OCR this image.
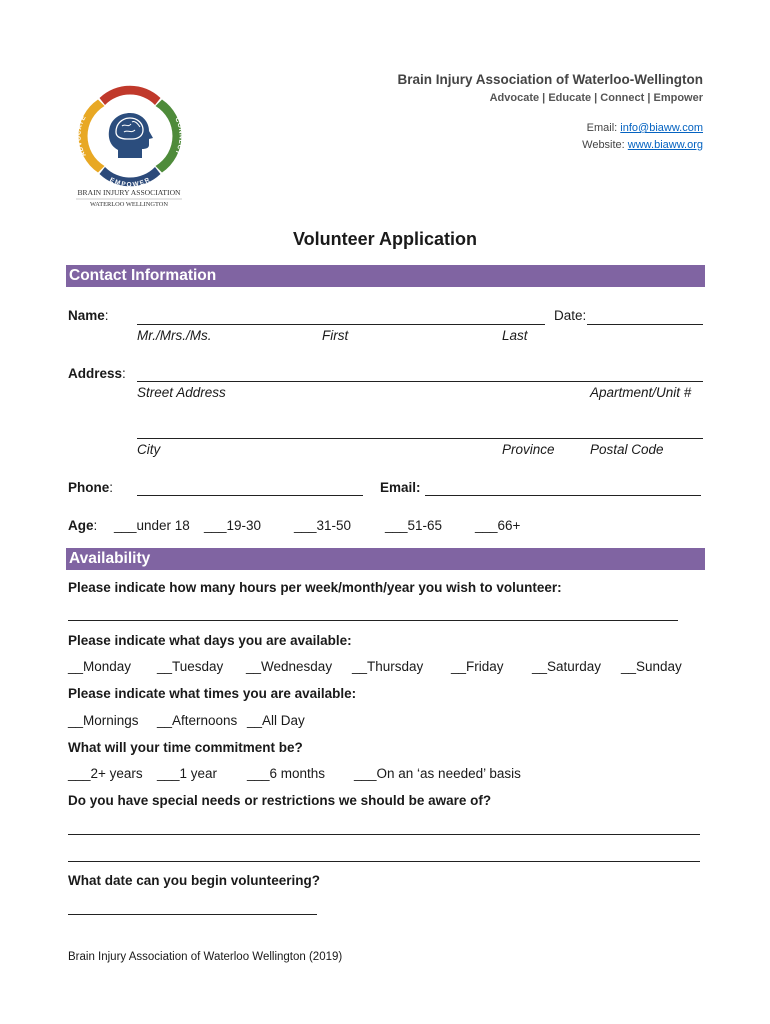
EDUCATE
CONNECT
EMPOWER
ADVOCATE
BRAIN INJURY ASSOCIATION
WATERLOO WELLINGTON
Brain Injury Association of Waterloo-Wellington
Advocate | Educate | Connect | Empower
Email: info@biaww.com
Website: www.biaww.org
Volunteer Application
Contact Information
Name:	Date:
Mr./Mrs./Ms.	First	Last
Address:
Street Address	Apartment/Unit #
City	Province	Postal Code
Phone:	Email:
Age: ___under 18 ___19-30 ___31-50	___51-65 ___66+
Availability
Please indicate how many hours per week/month/year you wish to volunteer:
Please indicate what days you are available:
__Monday __Tuesday __Wednesday __Thursday __Friday __Saturday __Sunday
Please indicate what times you are available:
__Mornings __Afternoons __All Day
What will your time commitment be?
___2+ years ___1 year ___6 months ___On an ‘as needed’ basis
Do you have special needs or restrictions we should be aware of?
What date can you begin volunteering?
Brain Injury Association of Waterloo Wellington (2019)
